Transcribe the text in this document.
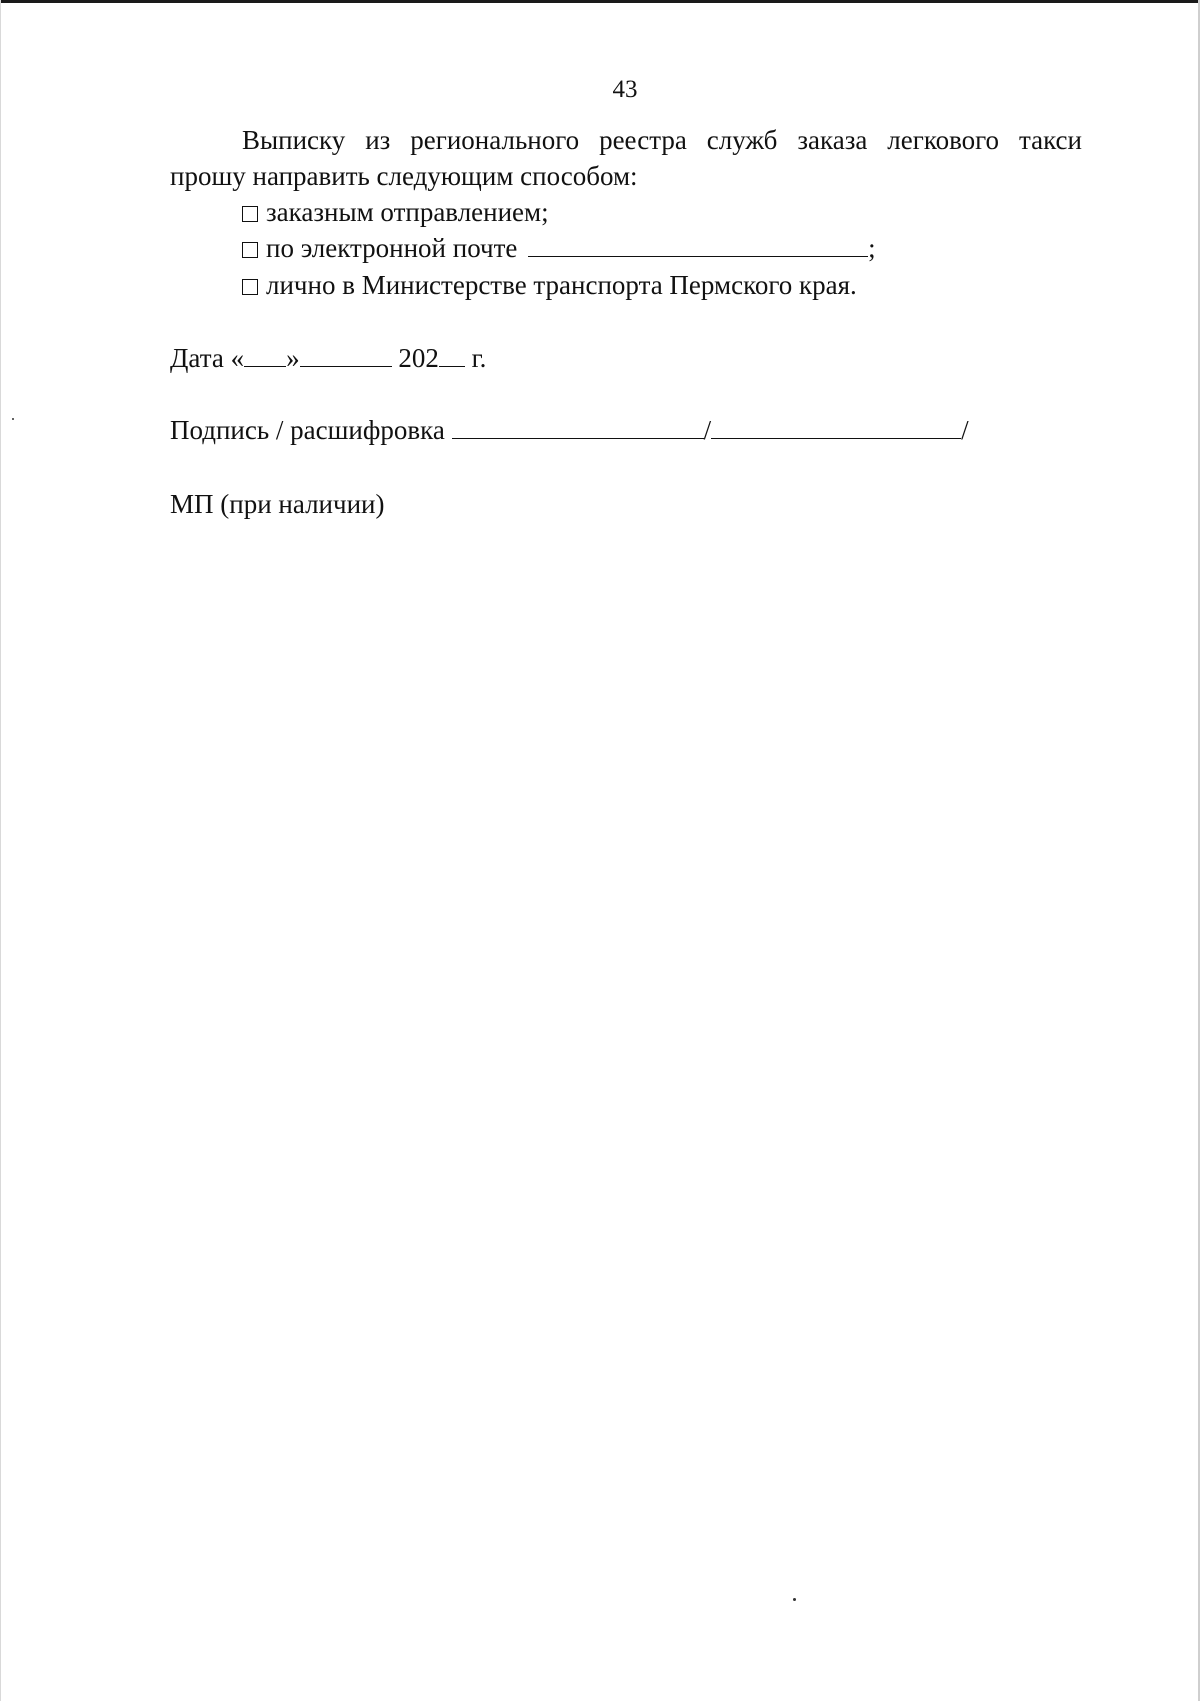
43
Выписку из регионального реестра служб заказа легкового такси
прошу направить следующим способом:
заказным отправлением;
по электронной почте	;
лично в Министерстве транспорта Пермского края.
Дата « »	202 г.
Подпись / расшифровка	/	/
МП (при наличии)
